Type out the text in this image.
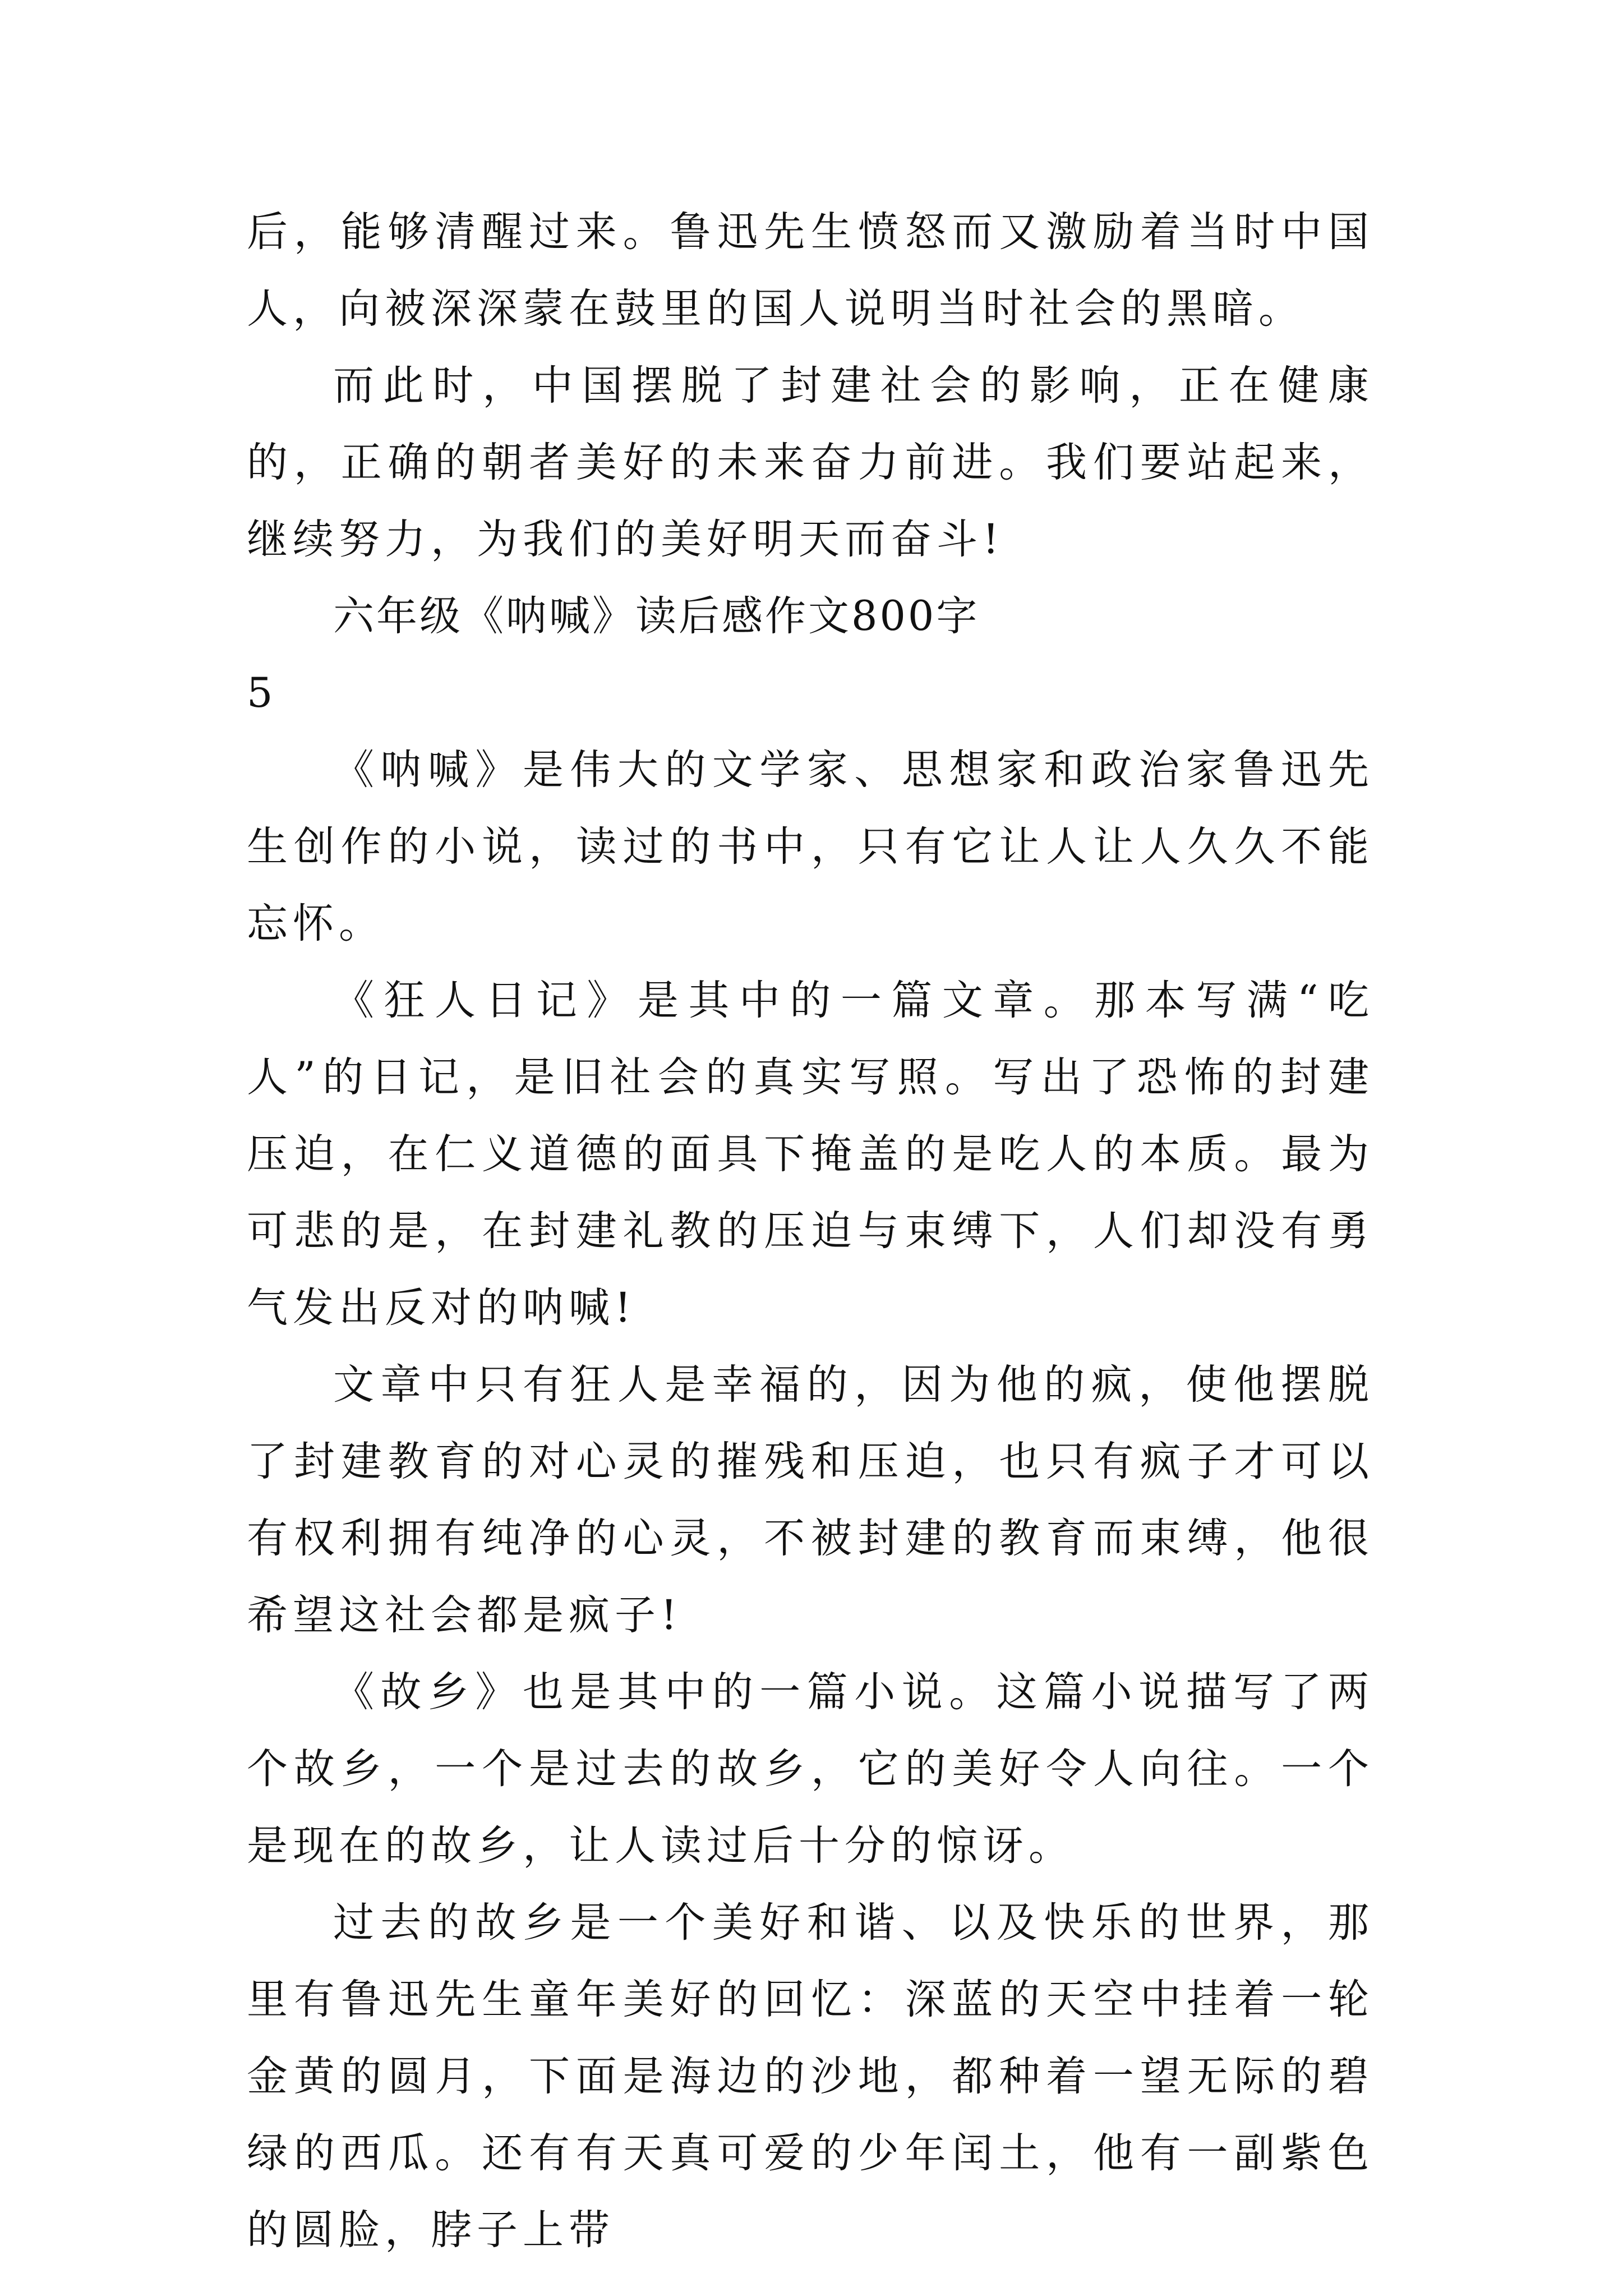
后，能够清醒过来。鲁迅先生愤怒而又激励着当时中国人，向被深深蒙在鼓里的国人说明当时社会的黑暗。

而此时，中国摆脱了封建社会的影响，正在健康的，正确的朝者美好的未来奋力前进。我们要站起来，继续努力，为我们的美好明天而奋斗!

六年级《呐喊》读后感作文800字

5

《呐喊》是伟大的文学家、思想家和政治家鲁迅先生创作的小说，读过的书中，只有它让人让人久久不能忘怀。

《狂人日记》是其中的一篇文章。那本写满“吃人”的日记，是旧社会的真实写照。写出了恐怖的封建压迫，在仁义道德的面具下掩盖的是吃人的本质。最为可悲的是，在封建礼教的压迫与束缚下，人们却没有勇气发出反对的呐喊!

文章中只有狂人是幸福的，因为他的疯，使他摆脱了封建教育的对心灵的摧残和压迫，也只有疯子才可以有权利拥有纯净的心灵，不被封建的教育而束缚，他很希望这社会都是疯子!

《故乡》也是其中的一篇小说。这篇小说描写了两个故乡，一个是过去的故乡，它的美好令人向往。一个是现在的故乡，让人读过后十分的惊讶。

过去的故乡是一个美好和谐、以及快乐的世界，那里有鲁迅先生童年美好的回忆：深蓝的天空中挂着一轮金黄的圆月，下面是海边的沙地，都种着一望无际的碧绿的西瓜。还有有天真可爱的少年闰土，他有一副紫色的圆脸，脖子上带
